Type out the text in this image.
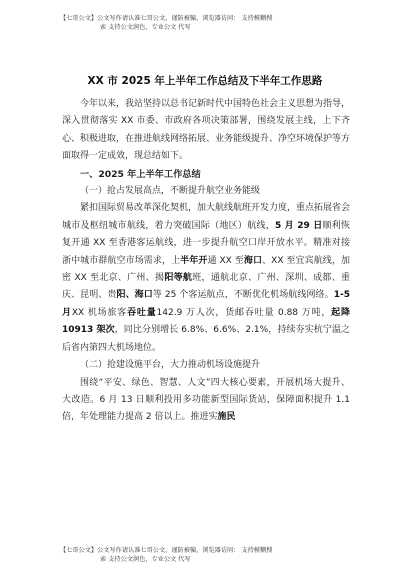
【七哥公文】公文写作请认准七哥公文，谨防被骗，浏览器访问： 支持模糊搜
索 支持公文润色，专业公文 代写
XX 市 2025 年上半年工作总结及下半年工作思路

今年以来，我站坚持以总书记新时代中国特色社会主义思想为指导，深入贯彻落实 XX 市委、市政府各项决策部署，围绕发展主线，上下齐心、积极进取，在推进航线网络拓展、业务能级提升、净空环境保护等方面取得一定成效，现总结如下。

一、2025 年上半年工作总结

（一）抢占发展高点，不断提升航空业务能级

紧扣国际贸易改革深化契机，加大航线航班开发力度，重点拓展省会城市及枢纽城市航线，着力突破国际（地区）航线，5 月 29 日顺利恢复开通 XX 至香港客运航线，进一步提升航空口岸开放水平。精准对接浙中城市群航空市场需求，上半年开通 XX 至海口、XX 至宜宾航线，加密 XX 至北京、广州、揭阳等航班，通航北京、广州、深圳、成都、重庆、昆明、贵阳、海口等 25 个客运航点，不断优化机场航线网络。1-5 月XX 机场旅客吞吐量142.9 万人次，货邮吞吐量 0.88 万吨，起降 10913 架次，同比分别增长 6.8%、6.6%、2.1%，持续夯实杭宁温之后省内第四大机场地位。

（二）抢建设施平台，大力推动机场设施提升

围绕“平安、绿色、智慧、人文”四大核心要素，开展机场大提升、大改造。6 月 13 日顺利投用多功能新型国际货站，保障面积提升 1.1 倍，年处理能力提高 2 倍以上。推进实施民

【七哥公文】公文写作请认准七哥公文，谨防被骗，浏览器访问： 支持模糊搜
索 支持公文润色，专业公文 代写
